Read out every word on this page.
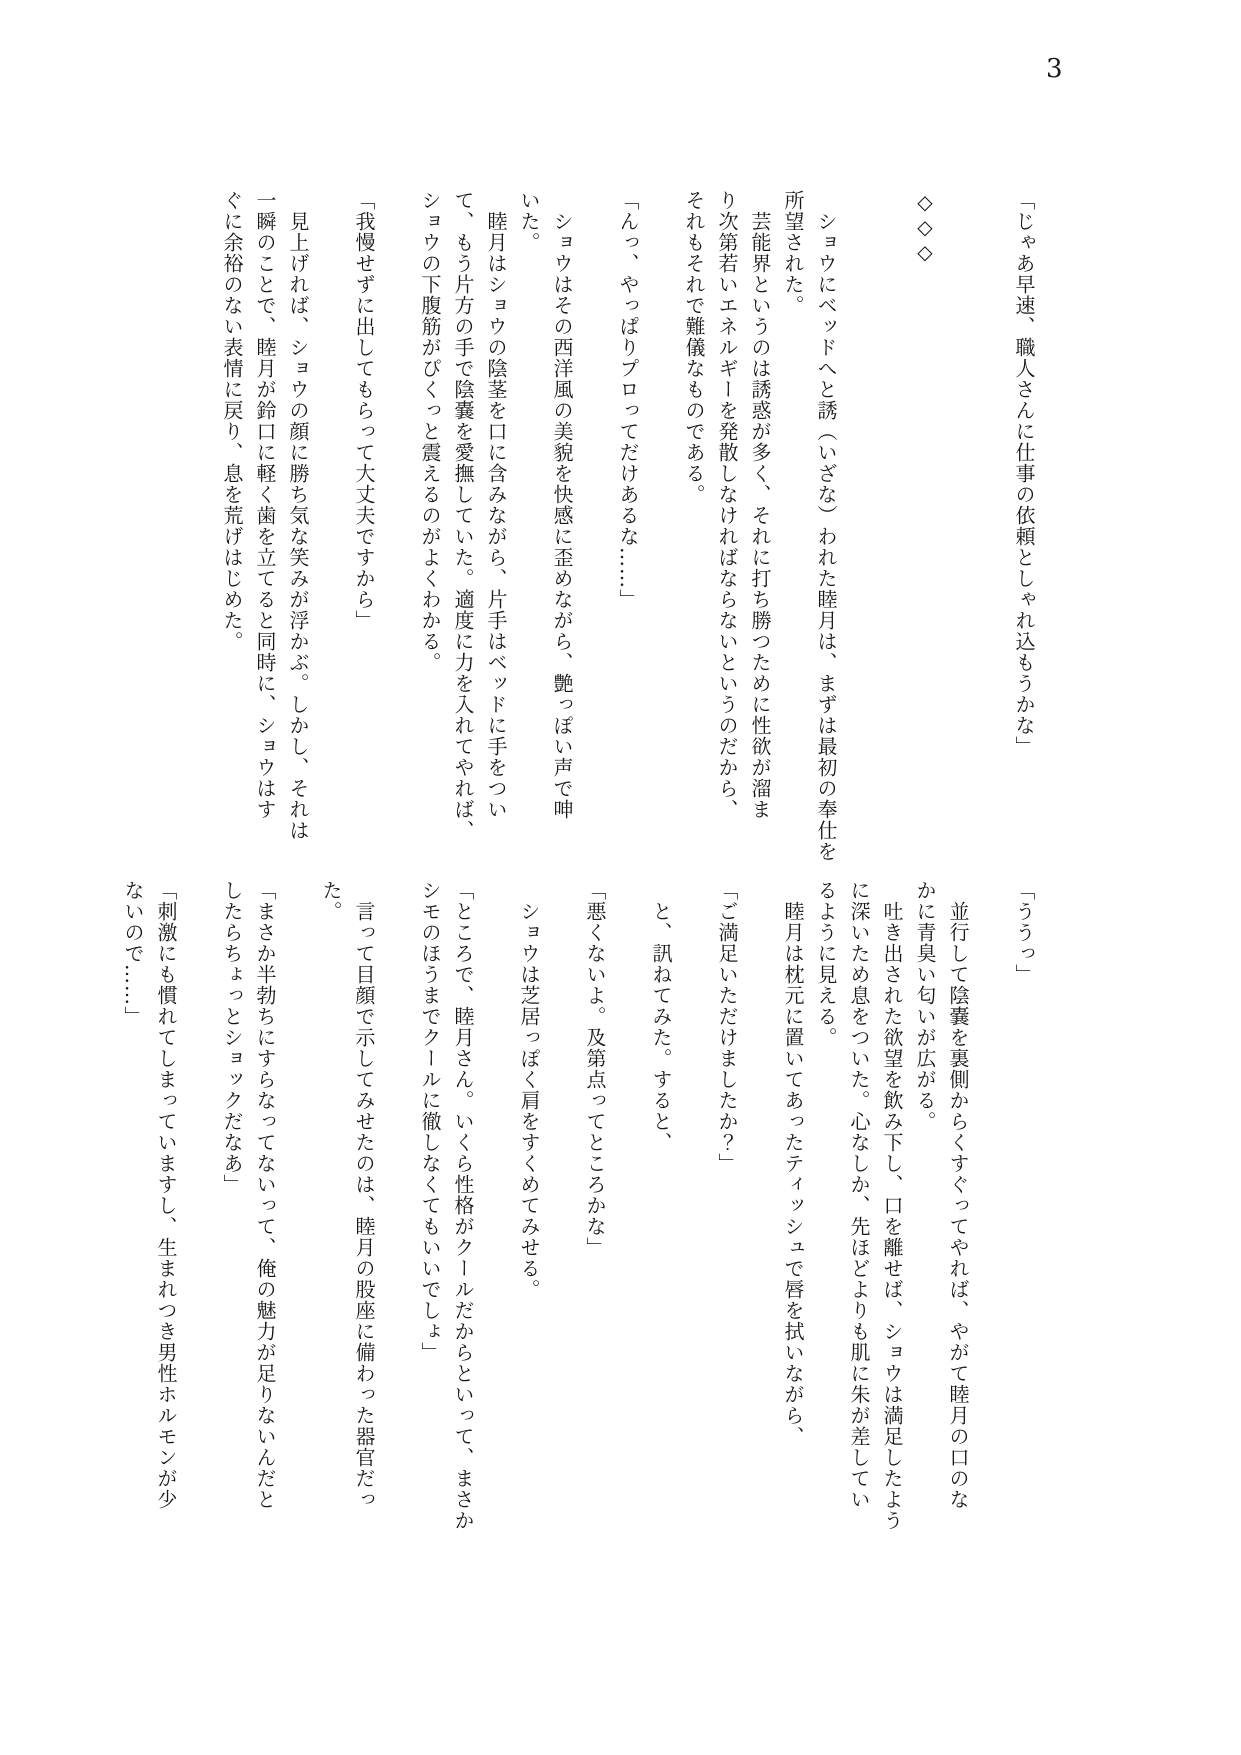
3
「じゃあ早速、職人さんに仕事の依頼としゃれ込もうかな」
◇◇◇
　ショウにベッドへと誘（いざな）われた睦月は、まずは最初の奉仕を
所望された。
　芸能界というのは誘惑が多く、それに打ち勝つために性欲が溜ま
り次第若いエネルギーを発散しなければならないというのだから、
それもそれで難儀なものである。
「んっ、やっぱりプロってだけあるな……」
　ショウはその西洋風の美貌を快感に歪めながら、艶っぽい声で呻
いた。
　睦月はショウの陰茎を口に含みながら、片手はベッドに手をつい
て、もう片方の手で陰嚢を愛撫していた。適度に力を入れてやれば、
ショウの下腹筋がぴくっと震えるのがよくわかる。
「我慢せずに出してもらって大丈夫ですから」
　見上げれば、ショウの顔に勝ち気な笑みが浮かぶ。しかし、それは
一瞬のことで、睦月が鈴口に軽く歯を立てると同時に、ショウはす
ぐに余裕のない表情に戻り、息を荒げはじめた。
「ううっ」
　並行して陰嚢を裏側からくすぐってやれば、やがて睦月の口のな
かに青臭い匂いが広がる。
　吐き出された欲望を飲み下し、口を離せば、ショウは満足したよう
に深いため息をついた。心なしか、先ほどよりも肌に朱が差してい
るように見える。
　睦月は枕元に置いてあったティッシュで唇を拭いながら、
「ご満足いただけましたか？」
　と、訊ねてみた。すると、
「悪くないよ。及第点ってところかな」
　ショウは芝居っぽく肩をすくめてみせる。
「ところで、睦月さん。いくら性格がクールだからといって、まさか
シモのほうまでクールに徹しなくてもいいでしょ」
　言って目顔で示してみせたのは、睦月の股座に備わった器官だっ
た。
「まさか半勃ちにすらなってないって、俺の魅力が足りないんだと
したらちょっとショックだなあ」
「刺激にも慣れてしまっていますし、生まれつき男性ホルモンが少
ないので……」
